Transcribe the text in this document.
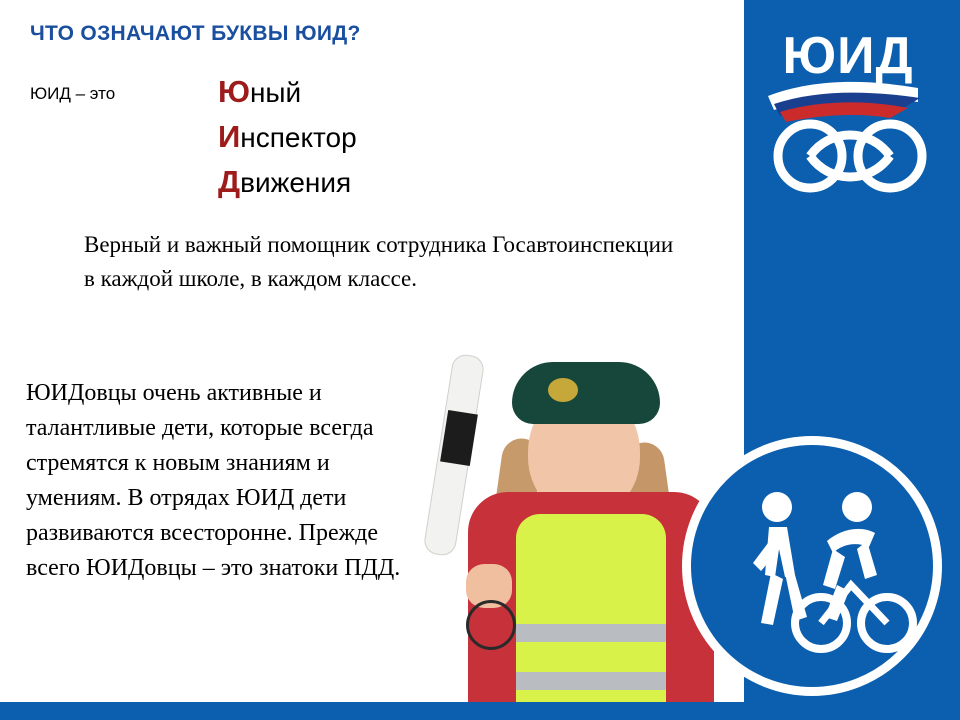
ЧТО ОЗНАЧАЮТ БУКВЫ ЮИД?
ЮИД – это	Юный
Инспектор
Движения
Верный и важный помощник сотрудника Госавтоинспекции в каждой школе, в каждом классе.
ЮИДовцы очень активные и талантливые дети, которые всегда стремятся к новым знаниям и умениям. В отрядах ЮИД дети развиваются всесторонне. Прежде всего ЮИДовцы – это знатоки ПДД.
ЮИД
